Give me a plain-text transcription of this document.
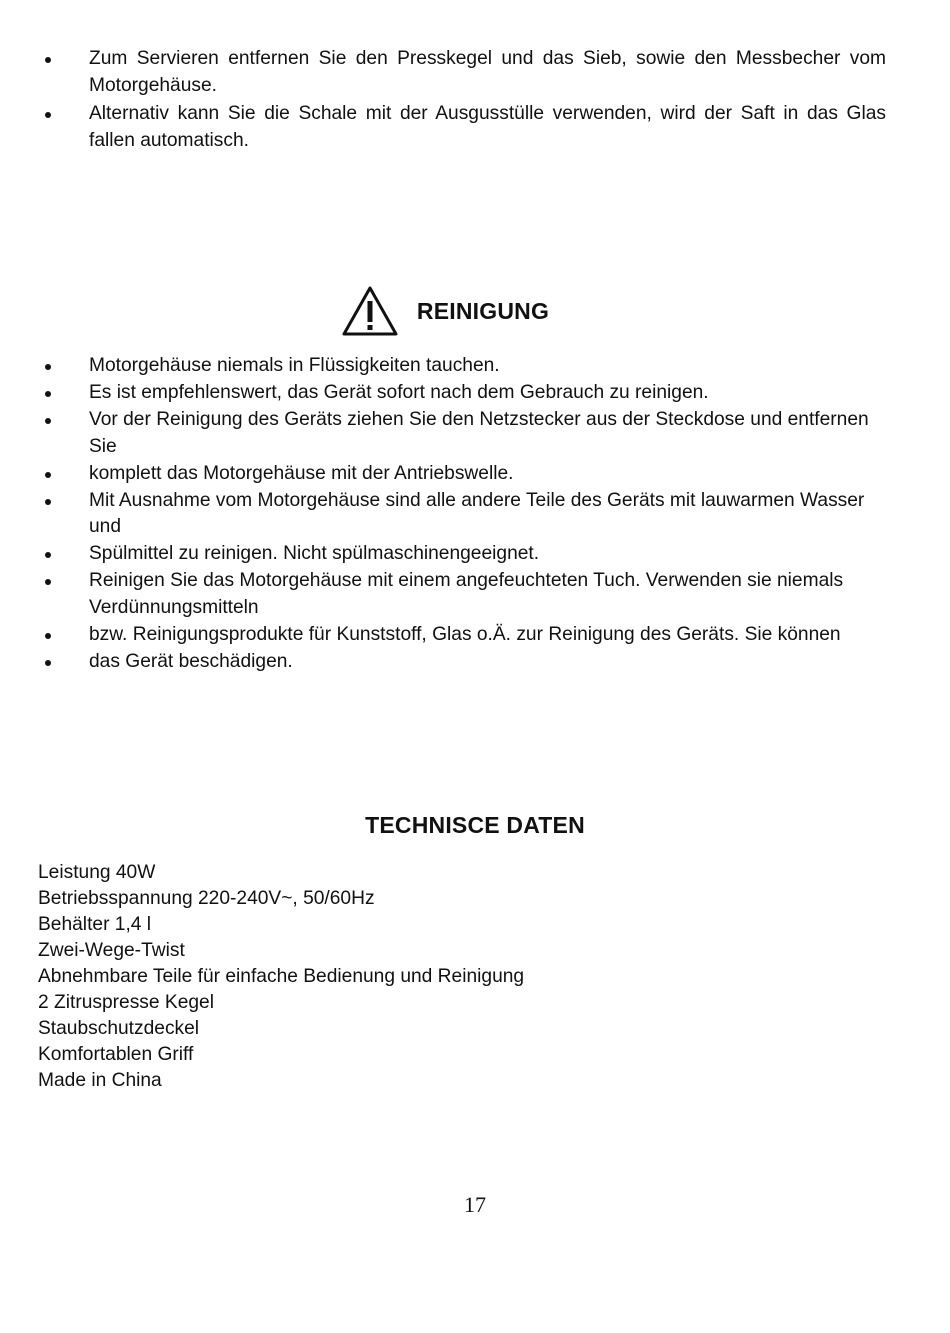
Zum Servieren entfernen Sie den Presskegel und das Sieb, sowie den Messbecher vom Motorgehäuse.
Alternativ kann Sie die Schale mit der Ausgusstülle verwenden, wird der Saft in das Glas fallen automatisch.
REINIGUNG
Motorgehäuse niemals in Flüssigkeiten tauchen.
Es ist empfehlenswert, das Gerät sofort nach dem Gebrauch zu reinigen.
Vor der Reinigung des Geräts ziehen Sie den Netzstecker aus der Steckdose und entfernen Sie
komplett das Motorgehäuse mit der Antriebswelle.
Mit Ausnahme vom Motorgehäuse sind alle andere Teile des Geräts mit lauwarmen Wasser und
Spülmittel zu reinigen. Nicht spülmaschinengeeignet.
Reinigen Sie das Motorgehäuse mit einem angefeuchteten Tuch. Verwenden sie niemals Verdünnungsmitteln
bzw. Reinigungsprodukte für Kunststoff, Glas o.Ä. zur Reinigung des Geräts. Sie können
das Gerät beschädigen.
TECHNISCE DATEN
Leistung 40W
Betriebsspannung 220-240V~, 50/60Hz
Behälter 1,4 l
Zwei-Wege-Twist
Abnehmbare Teile für einfache Bedienung und Reinigung
2 Zitruspresse Kegel
Staubschutzdeckel
Komfortablen Griff
Made in China
17
